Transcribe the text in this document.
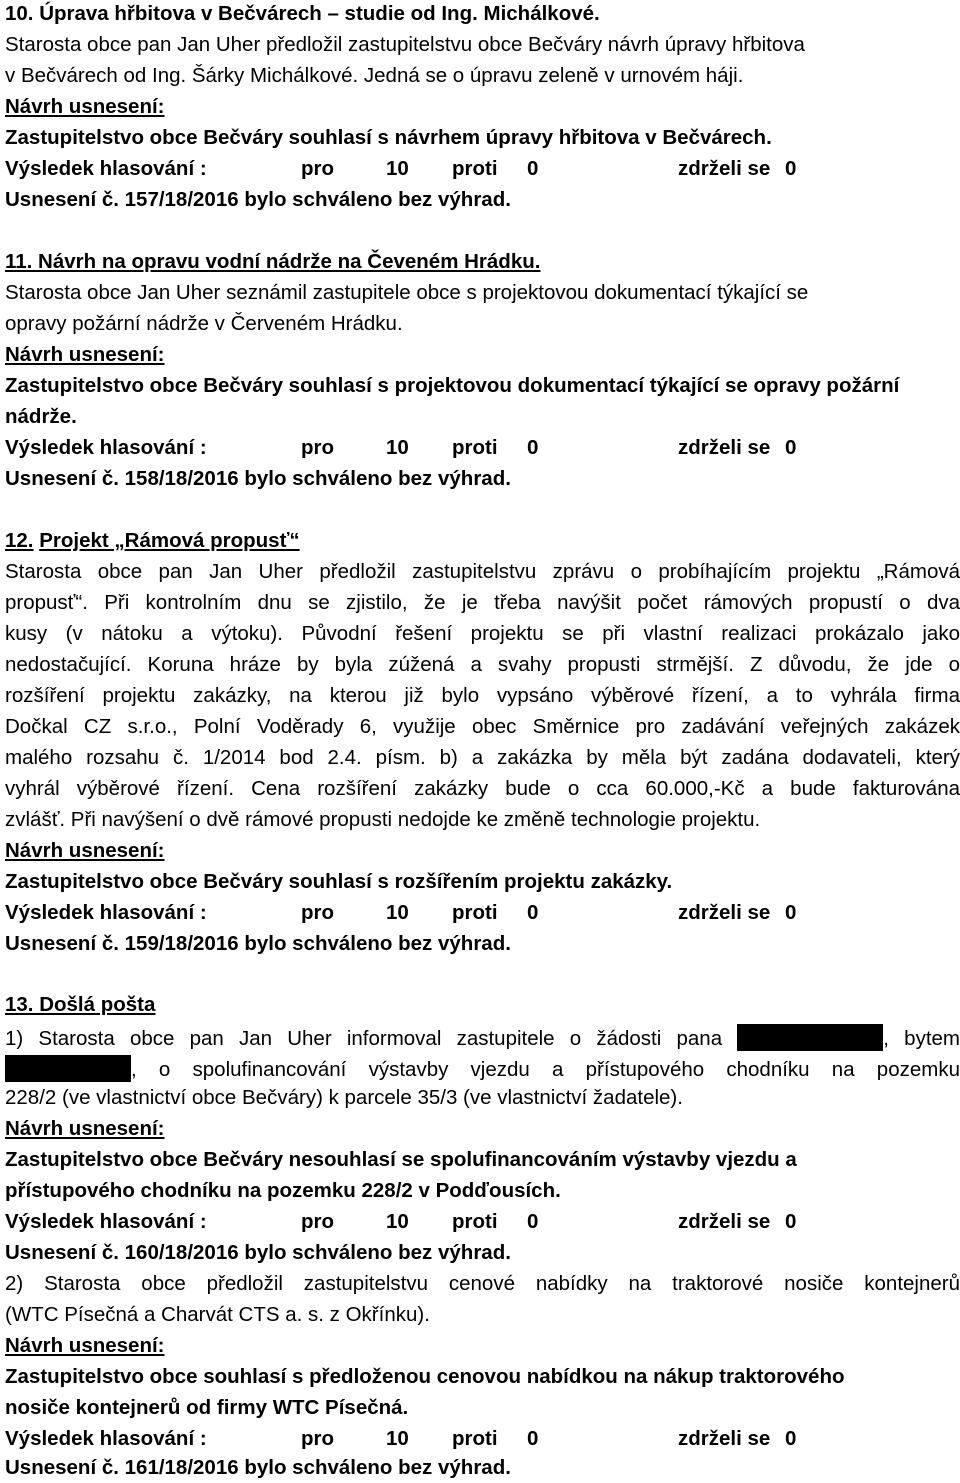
10. Úprava hřbitova v Bečvárech – studie od Ing. Michálkové.
Starosta obce pan Jan Uher předložil zastupitelstvu obce Bečváry návrh úpravy hřbitova
v Bečvárech od Ing. Šárky Michálkové. Jedná se o úpravu zeleně v urnovém háji.
Návrh usnesení:
Zastupitelstvo obce Bečváry souhlasí s návrhem úpravy hřbitova v Bečvárech.
Výsledek hlasování :	pro	10 proti 0	zdrželi se 0
Usnesení č. 157/18/2016 bylo schváleno bez výhrad.
11. Návrh na opravu vodní nádrže na Čeveném Hrádku.
Starosta obce Jan Uher seznámil zastupitele obce s projektovou dokumentací týkající se
opravy požární nádrže v Červeném Hrádku.
Návrh usnesení:
Zastupitelstvo obce Bečváry souhlasí s projektovou dokumentací týkající se opravy požární
nádrže.
Výsledek hlasování :	pro	10 proti 0	zdrželi se 0
Usnesení č. 158/18/2016 bylo schváleno bez výhrad.
12. Projekt „Rámová propusť“
Starosta obce pan Jan Uher předložil zastupitelstvu zprávu o probíhajícím projektu „Rámová
propusť“. Při kontrolním dnu se zjistilo, že je třeba navýšit počet rámových propustí o dva
kusy (v nátoku a výtoku). Původní řešení projektu se při vlastní realizaci prokázalo jako
nedostačující. Koruna hráze by byla zúžená a svahy propusti strmější. Z důvodu, že jde o
rozšíření projektu zakázky, na kterou již bylo vypsáno výběrové řízení, a to vyhrála firma
Dočkal CZ s.r.o., Polní Voděrady 6, využije obec Směrnice pro zadávání veřejných zakázek
malého rozsahu č. 1/2014 bod 2.4. písm. b) a zakázka by měla být zadána dodavateli, který
vyhrál výběrové řízení. Cena rozšíření zakázky bude o cca 60.000,-Kč a bude fakturována
zvlášť. Při navýšení o dvě rámové propusti nedojde ke změně technologie projektu.
Návrh usnesení:
Zastupitelstvo obce Bečváry souhlasí s rozšířením projektu zakázky.
Výsledek hlasování :	pro	10 proti 0	zdrželi se 0
Usnesení č. 159/18/2016 bylo schváleno bez výhrad.
13. Došlá pošta
1) Starosta obce pan Jan Uher informoval zastupitele o žádosti pana	, bytem
, o spolufinancování výstavby vjezdu a přístupového chodníku na pozemku
228/2 (ve vlastnictví obce Bečváry) k parcele 35/3 (ve vlastnictví žadatele).
Návrh usnesení:
Zastupitelstvo obce Bečváry nesouhlasí se spolufinancováním výstavby vjezdu a
přístupového chodníku na pozemku 228/2 v Podďousích.
Výsledek hlasování :	pro	10 proti 0	zdrželi se 0
Usnesení č. 160/18/2016 bylo schváleno bez výhrad.
2) Starosta obce předložil zastupitelstvu cenové nabídky na traktorové nosiče kontejnerů
(WTC Písečná a Charvát CTS a. s. z Okřínku).
Návrh usnesení:
Zastupitelstvo obce souhlasí s předloženou cenovou nabídkou na nákup traktorového
nosiče kontejnerů od firmy WTC Písečná.
Výsledek hlasování :	pro	10 proti 0	zdrželi se 0
Usnesení č. 161/18/2016 bylo schváleno bez výhrad.
